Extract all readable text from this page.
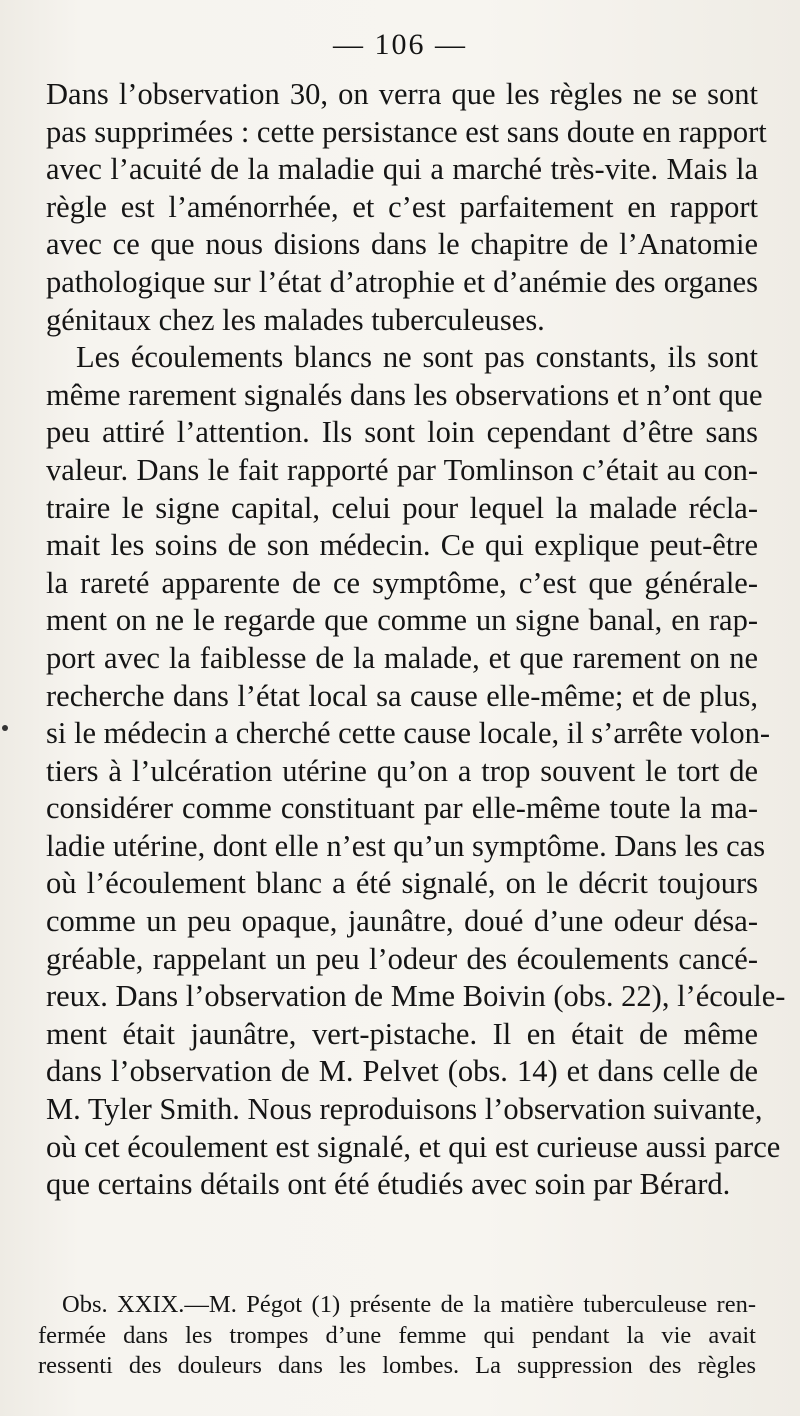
— 106 —
Dans l’observation 30, on verra que les règles ne se sont
pas supprimées : cette persistance est sans doute en rapport
avec l’acuité de la maladie qui a marché très-vite. Mais la
règle est l’aménorrhée, et c’est parfaitement en rapport
avec ce que nous disions dans le chapitre de l’Anatomie
pathologique sur l’état d’atrophie et d’anémie des organes
génitaux chez les malades tuberculeuses.
Les écoulements blancs ne sont pas constants, ils sont
même rarement signalés dans les observations et n’ont que
peu attiré l’attention. Ils sont loin cependant d’être sans
valeur. Dans le fait rapporté par Tomlinson c’était au con-
traire le signe capital, celui pour lequel la malade récla-
mait les soins de son médecin. Ce qui explique peut-être
la rareté apparente de ce symptôme, c’est que générale-
ment on ne le regarde que comme un signe banal, en rap-
port avec la faiblesse de la malade, et que rarement on ne
recherche dans l’état local sa cause elle-même; et de plus,
si le médecin a cherché cette cause locale, il s’arrête volon-
tiers à l’ulcération utérine qu’on a trop souvent le tort de
considérer comme constituant par elle-même toute la ma-
ladie utérine, dont elle n’est qu’un symptôme. Dans les cas
où l’écoulement blanc a été signalé, on le décrit toujours
comme un peu opaque, jaunâtre, doué d’une odeur désa-
gréable, rappelant un peu l’odeur des écoulements cancé-
reux. Dans l’observation de Mme Boivin (obs. 22), l’écoule-
ment était jaunâtre, vert-pistache. Il en était de même
dans l’observation de M. Pelvet (obs. 14) et dans celle de
M. Tyler Smith. Nous reproduisons l’observation suivante,
où cet écoulement est signalé, et qui est curieuse aussi parce
que certains détails ont été étudiés avec soin par Bérard.
Obs. XXIX.—M. Pégot (1) présente de la matière tuberculeuse ren-
fermée dans les trompes d’une femme qui pendant la vie avait
ressenti des douleurs dans les lombes. La suppression des règles
